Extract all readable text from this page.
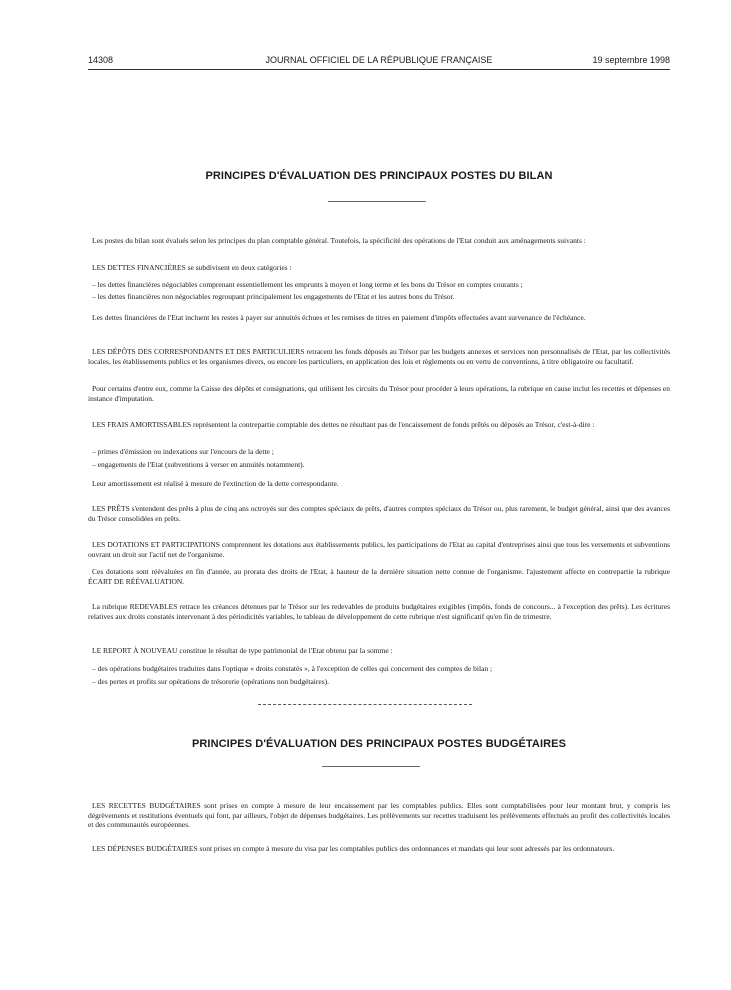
14308	JOURNAL OFFICIEL DE LA RÉPUBLIQUE FRANÇAISE	19 septembre 1998
PRINCIPES D'ÉVALUATION DES PRINCIPAUX POSTES DU BILAN

Les postes du bilan sont évalués selon les principes du plan comptable général. Toutefois, la spécificité des opérations de l'Etat conduit aux aménagements suivants :

LES DETTES FINANCIÈRES se subdivisent en deux catégories :

– les dettes financières négociables comprenant essentiellement les emprunts à moyen et long terme et les bons du Trésor en comptes courants ;

– les dettes financières non négociables regroupant principalement les engagements de l'Etat et les autres bons du Trésor.

Les dettes financières de l'Etat incluent les restes à payer sur annuités échues et les remises de titres en paiement d'impôts effectuées avant survenance de l'échéance.

LES DÉPÔTS DES CORRESPONDANTS ET DES PARTICULIERS retracent les fonds déposés au Trésor par les budgets annexes et services non personnalisés de l'Etat, par les collectivités locales, les établissements publics et les organismes divers, ou encore les particuliers, en application des lois et règlements ou en vertu de conventions, à titre obligatoire ou facultatif.

Pour certains d'entre eux, comme la Caisse des dépôts et consignations, qui utilisent les circuits du Trésor pour procéder à leurs opérations, la rubrique en cause inclut les recettes et dépenses en instance d'imputation.

LES FRAIS AMORTISSABLES représentent la contrepartie comptable des dettes ne résultant pas de l'encaissement de fonds prêtés ou déposés au Trésor, c'est-à-dire :

– primes d'émission ou indexations sur l'encours de la dette ;

– engagements de l'Etat (subventions à verser en annuités notamment).

Leur amortissement est réalisé à mesure de l'extinction de la dette correspondante.

LES PRÊTS s'entendent des prêts à plus de cinq ans octroyés sur des comptes spéciaux de prêts, d'autres comptes spéciaux du Trésor ou, plus rarement, le budget général, ainsi que des avances du Trésor consolidées en prêts.

LES DOTATIONS ET PARTICIPATIONS comprennent les dotations aux établissements publics, les participations de l'Etat au capital d'entreprises ainsi que tous les versements et subventions ouvrant un droit sur l'actif net de l'organisme.

Ces dotations sont réévaluées en fin d'année, au prorata des droits de l'Etat, à hauteur de la dernière situation nette connue de l'organisme. l'ajustement affecte en contrepartie la rubrique ÉCART DE RÉÉVALUATION.

La rubrique REDEVABLES retrace les créances détenues par le Trésor sur les redevables de produits budgétaires exigibles (impôts, fonds de concours... à l'exception des prêts). Les écritures relatives aux droits constatés intervenant à des périodicités variables, le tableau de développement de cette rubrique n'est significatif qu'en fin de trimestre.

LE REPORT À NOUVEAU constitue le résultat de type patrimonial de l'Etat obtenu par la somme :

– des opérations budgétaires traduites dans l'optique « droits constatés », à l'exception de celles qui concernent des comptes de bilan ;

– des pertes et profits sur opérations de trésorerie (opérations non budgétaires).

PRINCIPES D'ÉVALUATION DES PRINCIPAUX POSTES BUDGÉTAIRES

LES RECETTES BUDGÉTAIRES sont prises en compte à mesure de leur encaissement par les comptables publics. Elles sont comptabilisées pour leur montant brut, y compris les dégrèvements et restitutions éventuels qui font, par ailleurs, l'objet de dépenses budgétaires. Les prélèvements sur recettes traduisent les prélèvements effectués au profit des collectivités locales et des communautés européennes.

LES DÉPENSES BUDGÉTAIRES sont prises en compte à mesure du visa par les comptables publics des ordonnances et mandats qui leur sont adressés par les ordonnateurs.
